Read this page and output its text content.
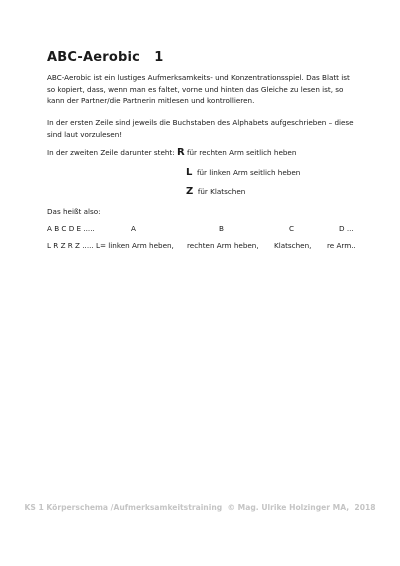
ABC-Aerobic   1

ABC-Aerobic ist ein lustiges Aufmerksamkeits- und Konzentrationsspiel. Das Blatt ist so kopiert, dass, wenn man es faltet, vorne und hinten das Gleiche zu lesen ist, so kann der Partner/die Partnerin mitlesen und kontrollieren.

In der ersten Zeile sind jeweils die Buchstaben des Alphabets aufgeschrieben – diese sind laut vorzulesen!

In der zweiten Zeile darunter steht: R für rechten Arm seitlich heben
L  für linken Arm seitlich heben
Z  für Klatschen
Das heißt also:
A B C D E .....	A	B	C	D ...
L R Z R Z ..... L= linken Arm heben, rechten Arm heben, Klatschen, re Arm..
KS 1 Körperschema /Aufmerksamkeitstraining  © Mag. Ulrike Holzinger MA,  2018
